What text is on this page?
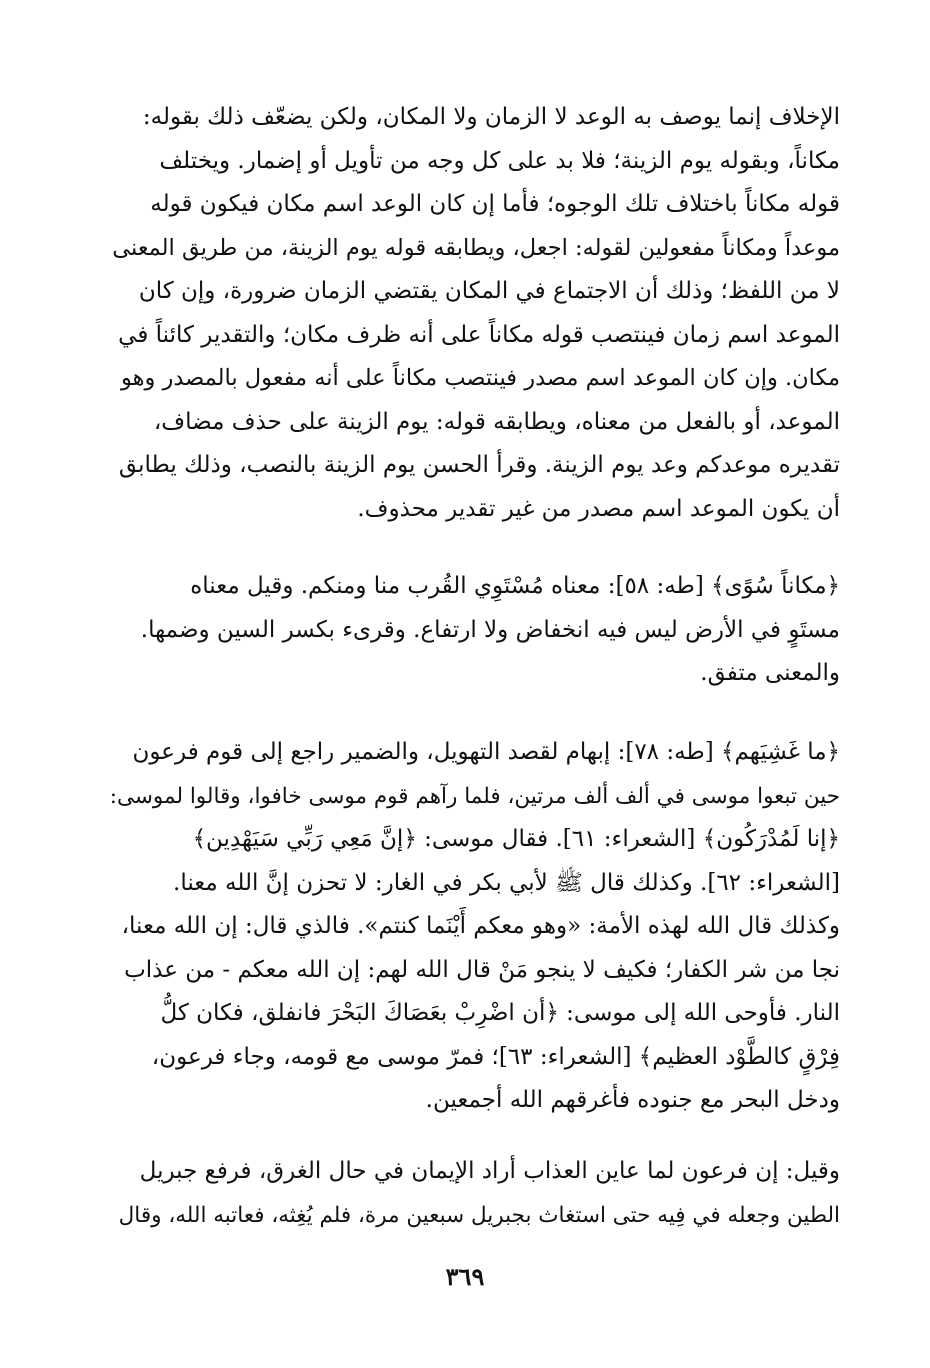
الإخلاف إنما يوصف به الوعد لا الزمان ولا المكان، ولكن يضعّف ذلك بقوله:
مكاناً، وبقوله يوم الزينة؛ فلا بد على كل وجه من تأويل أو إضمار. ويختلف
قوله مكاناً باختلاف تلك الوجوه؛ فأما إن كان الوعد اسم مكان فيكون قوله
موعداً ومكاناً مفعولين لقوله: اجعل، ويطابقه قوله يوم الزينة، من طريق المعنى
لا من اللفظ؛ وذلك أن الاجتماع في المكان يقتضي الزمان ضرورة، وإن كان
الموعد اسم زمان فينتصب قوله مكاناً على أنه ظرف مكان؛ والتقدير كائناً في
مكان. وإن كان الموعد اسم مصدر فينتصب مكاناً على أنه مفعول بالمصدر وهو
الموعد، أو بالفعل من معناه، ويطابقه قوله: يوم الزينة على حذف مضاف،
تقديره موعدكم وعد يوم الزينة. وقرأ الحسن يوم الزينة بالنصب، وذلك يطابق
أن يكون الموعد اسم مصدر من غير تقدير محذوف.
﴿مكاناً سُوًى﴾ [طه: ٥٨]: معناه مُسْتَوِي القُرب منا ومنكم. وقيل معناه
مستَوٍ في الأرض ليس فيه انخفاض ولا ارتفاع. وقرىء بكسر السين وضمها.
والمعنى متفق.
﴿ما غَشِيَهم﴾ [طه: ٧٨]: إبهام لقصد التهويل، والضمير راجع إلى قوم فرعون
حين تبعوا موسى في ألف ألف مرتين، فلما رآهم قوم موسى خافوا، وقالوا لموسى:
﴿إنا لَمُدْرَكُون﴾ [الشعراء: ٦١]. فقال موسى: ﴿إنَّ مَعِي رَبِّي سَيَهْدِين﴾
[الشعراء: ٦٢]. وكذلك قال ﷺ لأبي بكر في الغار: لا تحزن إنَّ الله معنا.
وكذلك قال الله لهذه الأمة: «وهو معكم أَيْنَما كنتم». فالذي قال: إن الله معنا،
نجا من شر الكفار؛ فكيف لا ينجو مَنْ قال الله لهم: إن الله معكم - من عذاب
النار. فأوحى الله إلى موسى: ﴿أن اضْرِبْ بعَصَاكَ البَحْرَ فانفلق، فكان كلُّ
فِرْقٍ كالطَّوْد العظيم﴾ [الشعراء: ٦٣]؛ فمرّ موسى مع قومه، وجاء فرعون،
ودخل البحر مع جنوده فأغرقهم الله أجمعين.
وقيل: إن فرعون لما عاين العذاب أراد الإيمان في حال الغرق، فرفع جبريل
الطين وجعله في فِيه حتى استغاث بجبريل سبعين مرة، فلم يُغِثه، فعاتبه الله، وقال
٣٦٩
